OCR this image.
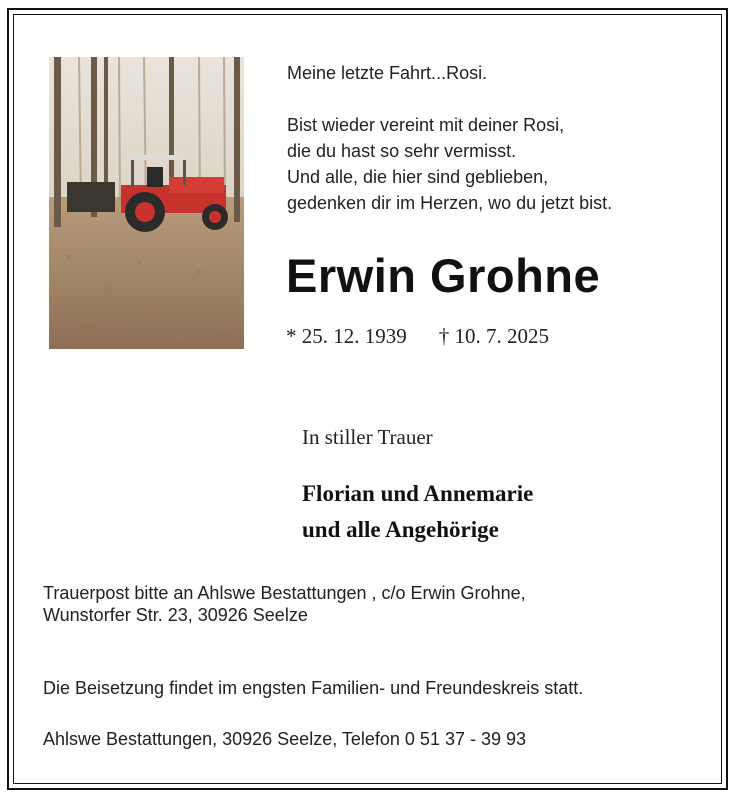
Meine letzte Fahrt...Rosi.
Bist wieder vereint mit deiner Rosi,
die du hast so sehr vermisst.
Und alle, die hier sind geblieben,
gedenken dir im Herzen, wo du jetzt bist.
Erwin Grohne
* 25. 12. 1939 † 10. 7. 2025
In stiller Trauer
Florian und Annemarie
und alle Angehörige
Trauerpost bitte an Ahlswe Bestattungen , c/o Erwin Grohne,
Wunstorfer Str. 23, 30926 Seelze
Die Beisetzung findet im engsten Familien- und Freundeskreis statt.
Ahlswe Bestattungen, 30926 Seelze, Telefon 0 51 37 - 39 93
